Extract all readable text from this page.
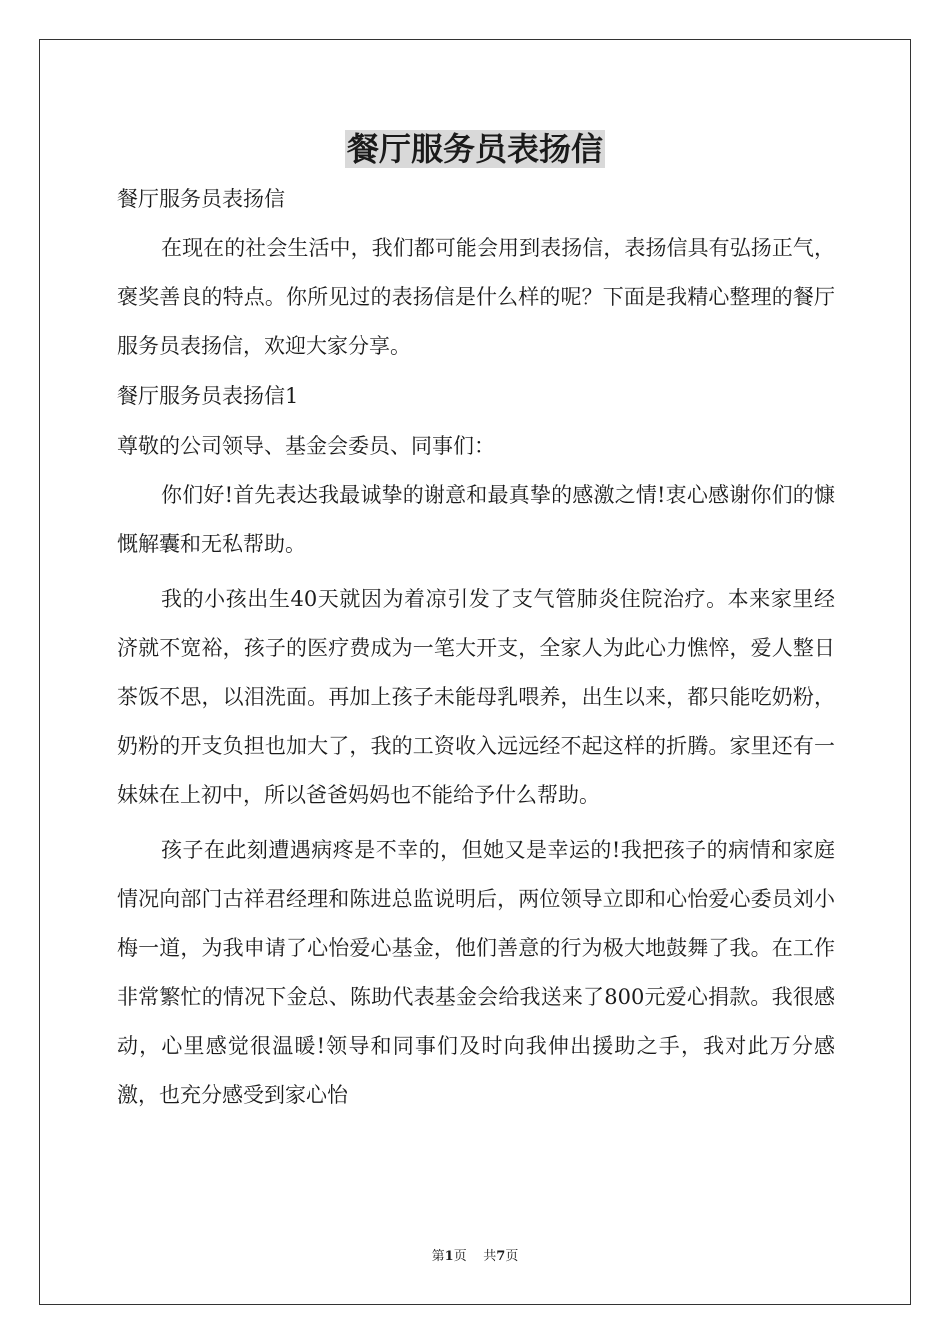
餐厅服务员表扬信

餐厅服务员表扬信

在现在的社会生活中，我们都可能会用到表扬信，表扬信具有弘扬正气，褒奖善良的特点。你所见过的表扬信是什么样的呢？下面是我精心整理的餐厅服务员表扬信，欢迎大家分享。

餐厅服务员表扬信1

尊敬的公司领导、基金会委员、同事们：

你们好!首先表达我最诚挚的谢意和最真挚的感激之情!衷心感谢你们的慷慨解囊和无私帮助。

我的小孩出生40天就因为着凉引发了支气管肺炎住院治疗。本来家里经济就不宽裕，孩子的医疗费成为一笔大开支，全家人为此心力憔悴，爱人整日茶饭不思，以泪洗面。再加上孩子未能母乳喂养，出生以来，都只能吃奶粉，奶粉的开支负担也加大了，我的工资收入远远经不起这样的折腾。家里还有一妹妹在上初中，所以爸爸妈妈也不能给予什么帮助。

孩子在此刻遭遇病疼是不幸的，但她又是幸运的!我把孩子的病情和家庭情况向部门古祥君经理和陈进总监说明后，两位领导立即和心怡爱心委员刘小梅一道，为我申请了心怡爱心基金，他们善意的行为极大地鼓舞了我。在工作非常繁忙的情况下金总、陈助代表基金会给我送来了800元爱心捐款。我很感动，心里感觉很温暖!领导和同事们及时向我伸出援助之手，我对此万分感激，也充分感受到家心怡

第1页 共7页
